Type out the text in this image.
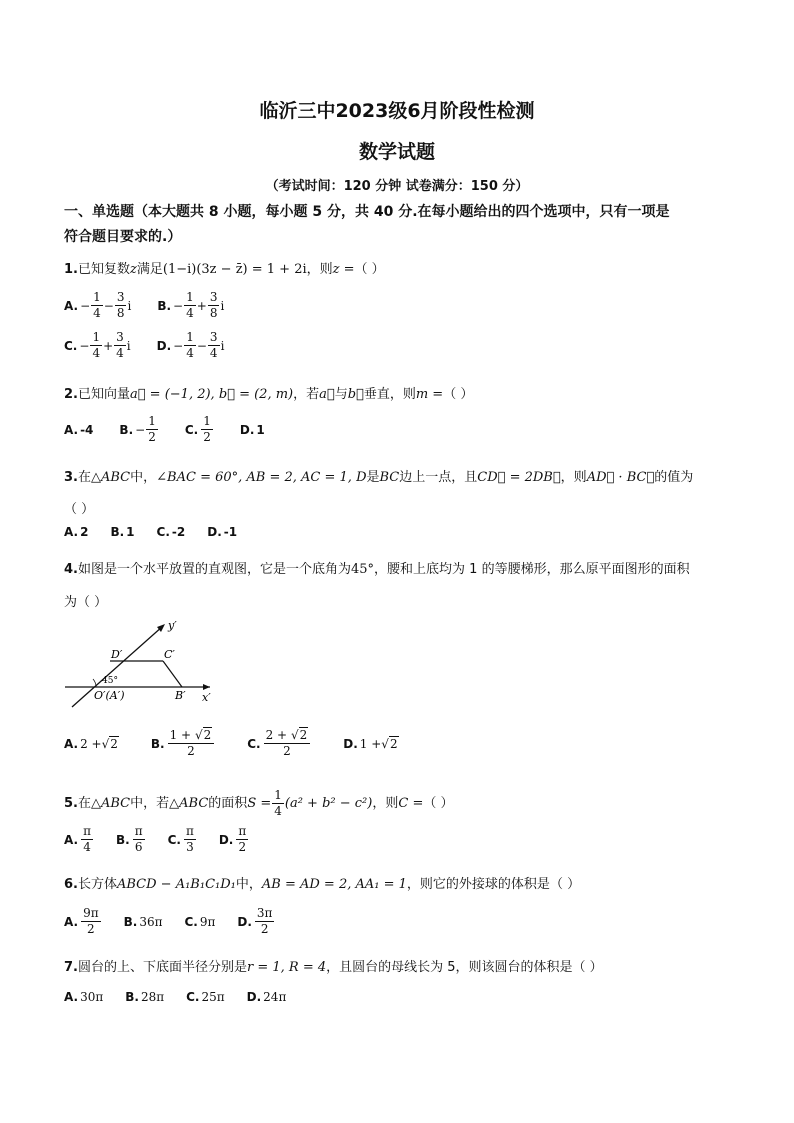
临沂三中2023级6月阶段性检测
数学试题
（考试时间：120 分钟 试卷满分：150 分）
一、单选题（本大题共 8 小题，每小题 5 分，共 40 分.在每小题给出的四个选项中，只有一项是
符合题目要求的.）
1.已知复数z满足(1−i)(3z − z̄) = 1 + 2i，则z =（ ）
A. − $\frac{1}{4} - \frac{3}{8}$ i B. − $\frac{1}{4} + \frac{3}{8}$ i
C. − $\frac{1}{4} + \frac{3}{4}$ i D. − $\frac{1}{4} - \frac{3}{4}$ i
2.已知向量a⃗ = (−1, 2), b⃗ = (2, m)，若a⃗与b⃗垂直，则m =（ ）
A. -4 B. − $\frac{1}{2} C$. $\frac{1}{2} D$. 1
3.在△ABC中，∠BAC = 60°, AB = 2, AC = 1, D是BC边上一点，且CD⃗ = 2DB⃗，则AD⃗ · BC⃗的值为
（ ）
A. 2 B. 1 C. -2 D. -1
4.如图是一个水平放置的直观图，它是一个底角为45°，腰和上底均为 1 的等腰梯形，那么原平面图形的面积
为（ ）
y′
x′
D′	C′
B′
O′(A′)
45°
A. 2 + √2	B. $\frac{1 + √2}{2}$	C. $\frac{2 + √2}{2}$	D. 1 + √2
5.在△ABC中，若△ABC的面积$S = \frac{1}{4} (a^2 + b^2 - c^2)$，则C =（ ）
A. $\frac{\pi}{4} B$. $\frac{\pi}{6} C$. $\frac{\pi}{3} D$. $\frac{\pi}{2}$
6.长方体ABCD − A₁B₁C₁D₁中，AB = AD = 2, AA₁ = 1，则它的外接球的体积是（ ）
A. $\frac{9\pi}{2} B$. 36π C. 9π D. $\frac{3\pi}{2}$
7.圆台的上、下底面半径分别是r = 1, R = 4，且圆台的母线长为 5，则该圆台的体积是（ ）
A. 30π B. 28π C. 25π D. 24π
